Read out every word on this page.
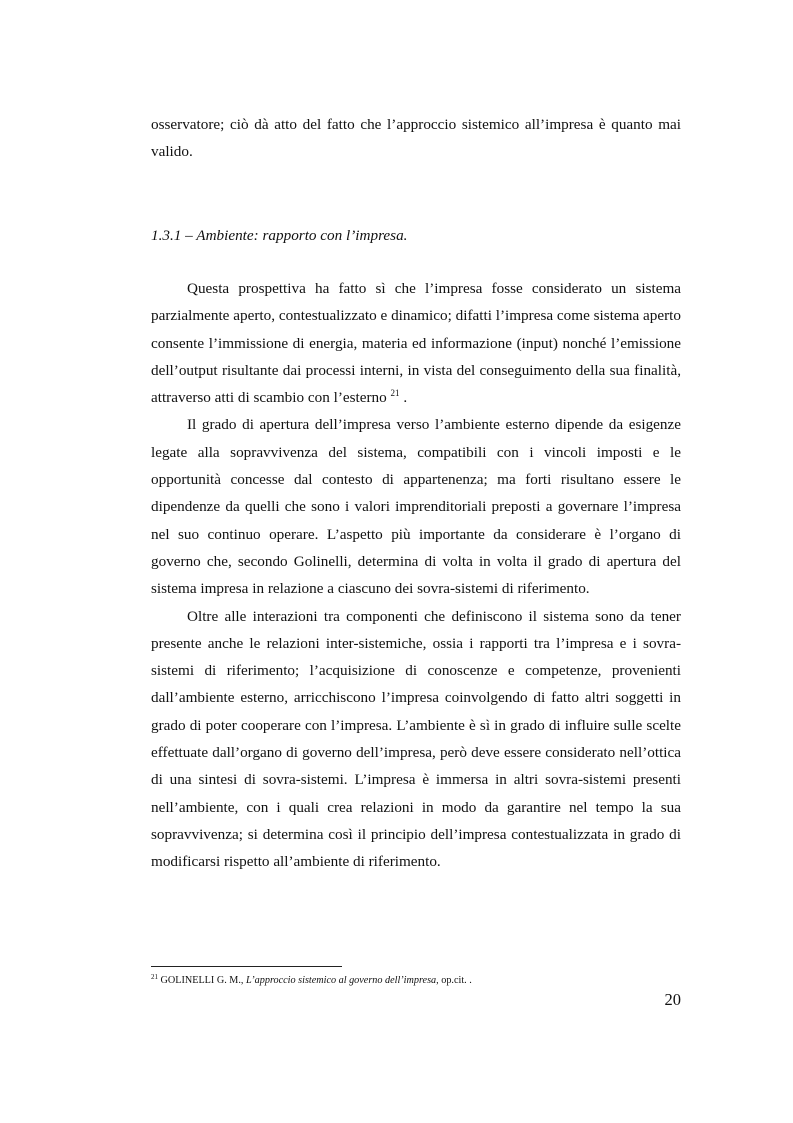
osservatore; ciò dà atto del fatto che l’approccio sistemico all’impresa è quanto mai valido.

1.3.1 – Ambiente: rapporto con l’impresa.

Questa prospettiva ha fatto sì che l’impresa fosse considerato un sistema parzialmente aperto, contestualizzato e dinamico; difatti l’impresa come sistema aperto consente l’immissione di energia, materia ed informazione (input) nonché l’emissione dell’output risultante dai processi interni, in vista del conseguimento della sua finalità, attraverso atti di scambio con l’esterno $^{21}$ .

Il grado di apertura dell’impresa verso l’ambiente esterno dipende da esigenze legate alla sopravvivenza del sistema, compatibili con i vincoli imposti e le opportunità concesse dal contesto di appartenenza; ma forti risultano essere le dipendenze da quelli che sono i valori imprenditoriali preposti a governare l’impresa nel suo continuo operare. L’aspetto più importante da considerare è l’organo di governo che, secondo Golinelli, determina di volta in volta il grado di apertura del sistema impresa in relazione a ciascuno dei sovra-sistemi di riferimento.

Oltre alle interazioni tra componenti che definiscono il sistema sono da tener presente anche le relazioni inter-sistemiche, ossia i rapporti tra l’impresa e i sovra-sistemi di riferimento; l’acquisizione di conoscenze e competenze, provenienti dall’ambiente esterno, arricchiscono l’impresa coinvolgendo di fatto altri soggetti in grado di poter cooperare con l’impresa. L’ambiente è sì in grado di influire sulle scelte effettuate dall’organo di governo dell’impresa, però deve essere considerato nell’ottica di una sintesi di sovra-sistemi. L’impresa è immersa in altri sovra-sistemi presenti nell’ambiente, con i quali crea relazioni in modo da garantire nel tempo la sua sopravvivenza; si determina così il principio dell’impresa contestualizzata in grado di modificarsi rispetto all’ambiente di riferimento.

$^{21}$ GOLINELLI G. M., L’approccio sistemico al governo dell’impresa, op.cit. .

20
